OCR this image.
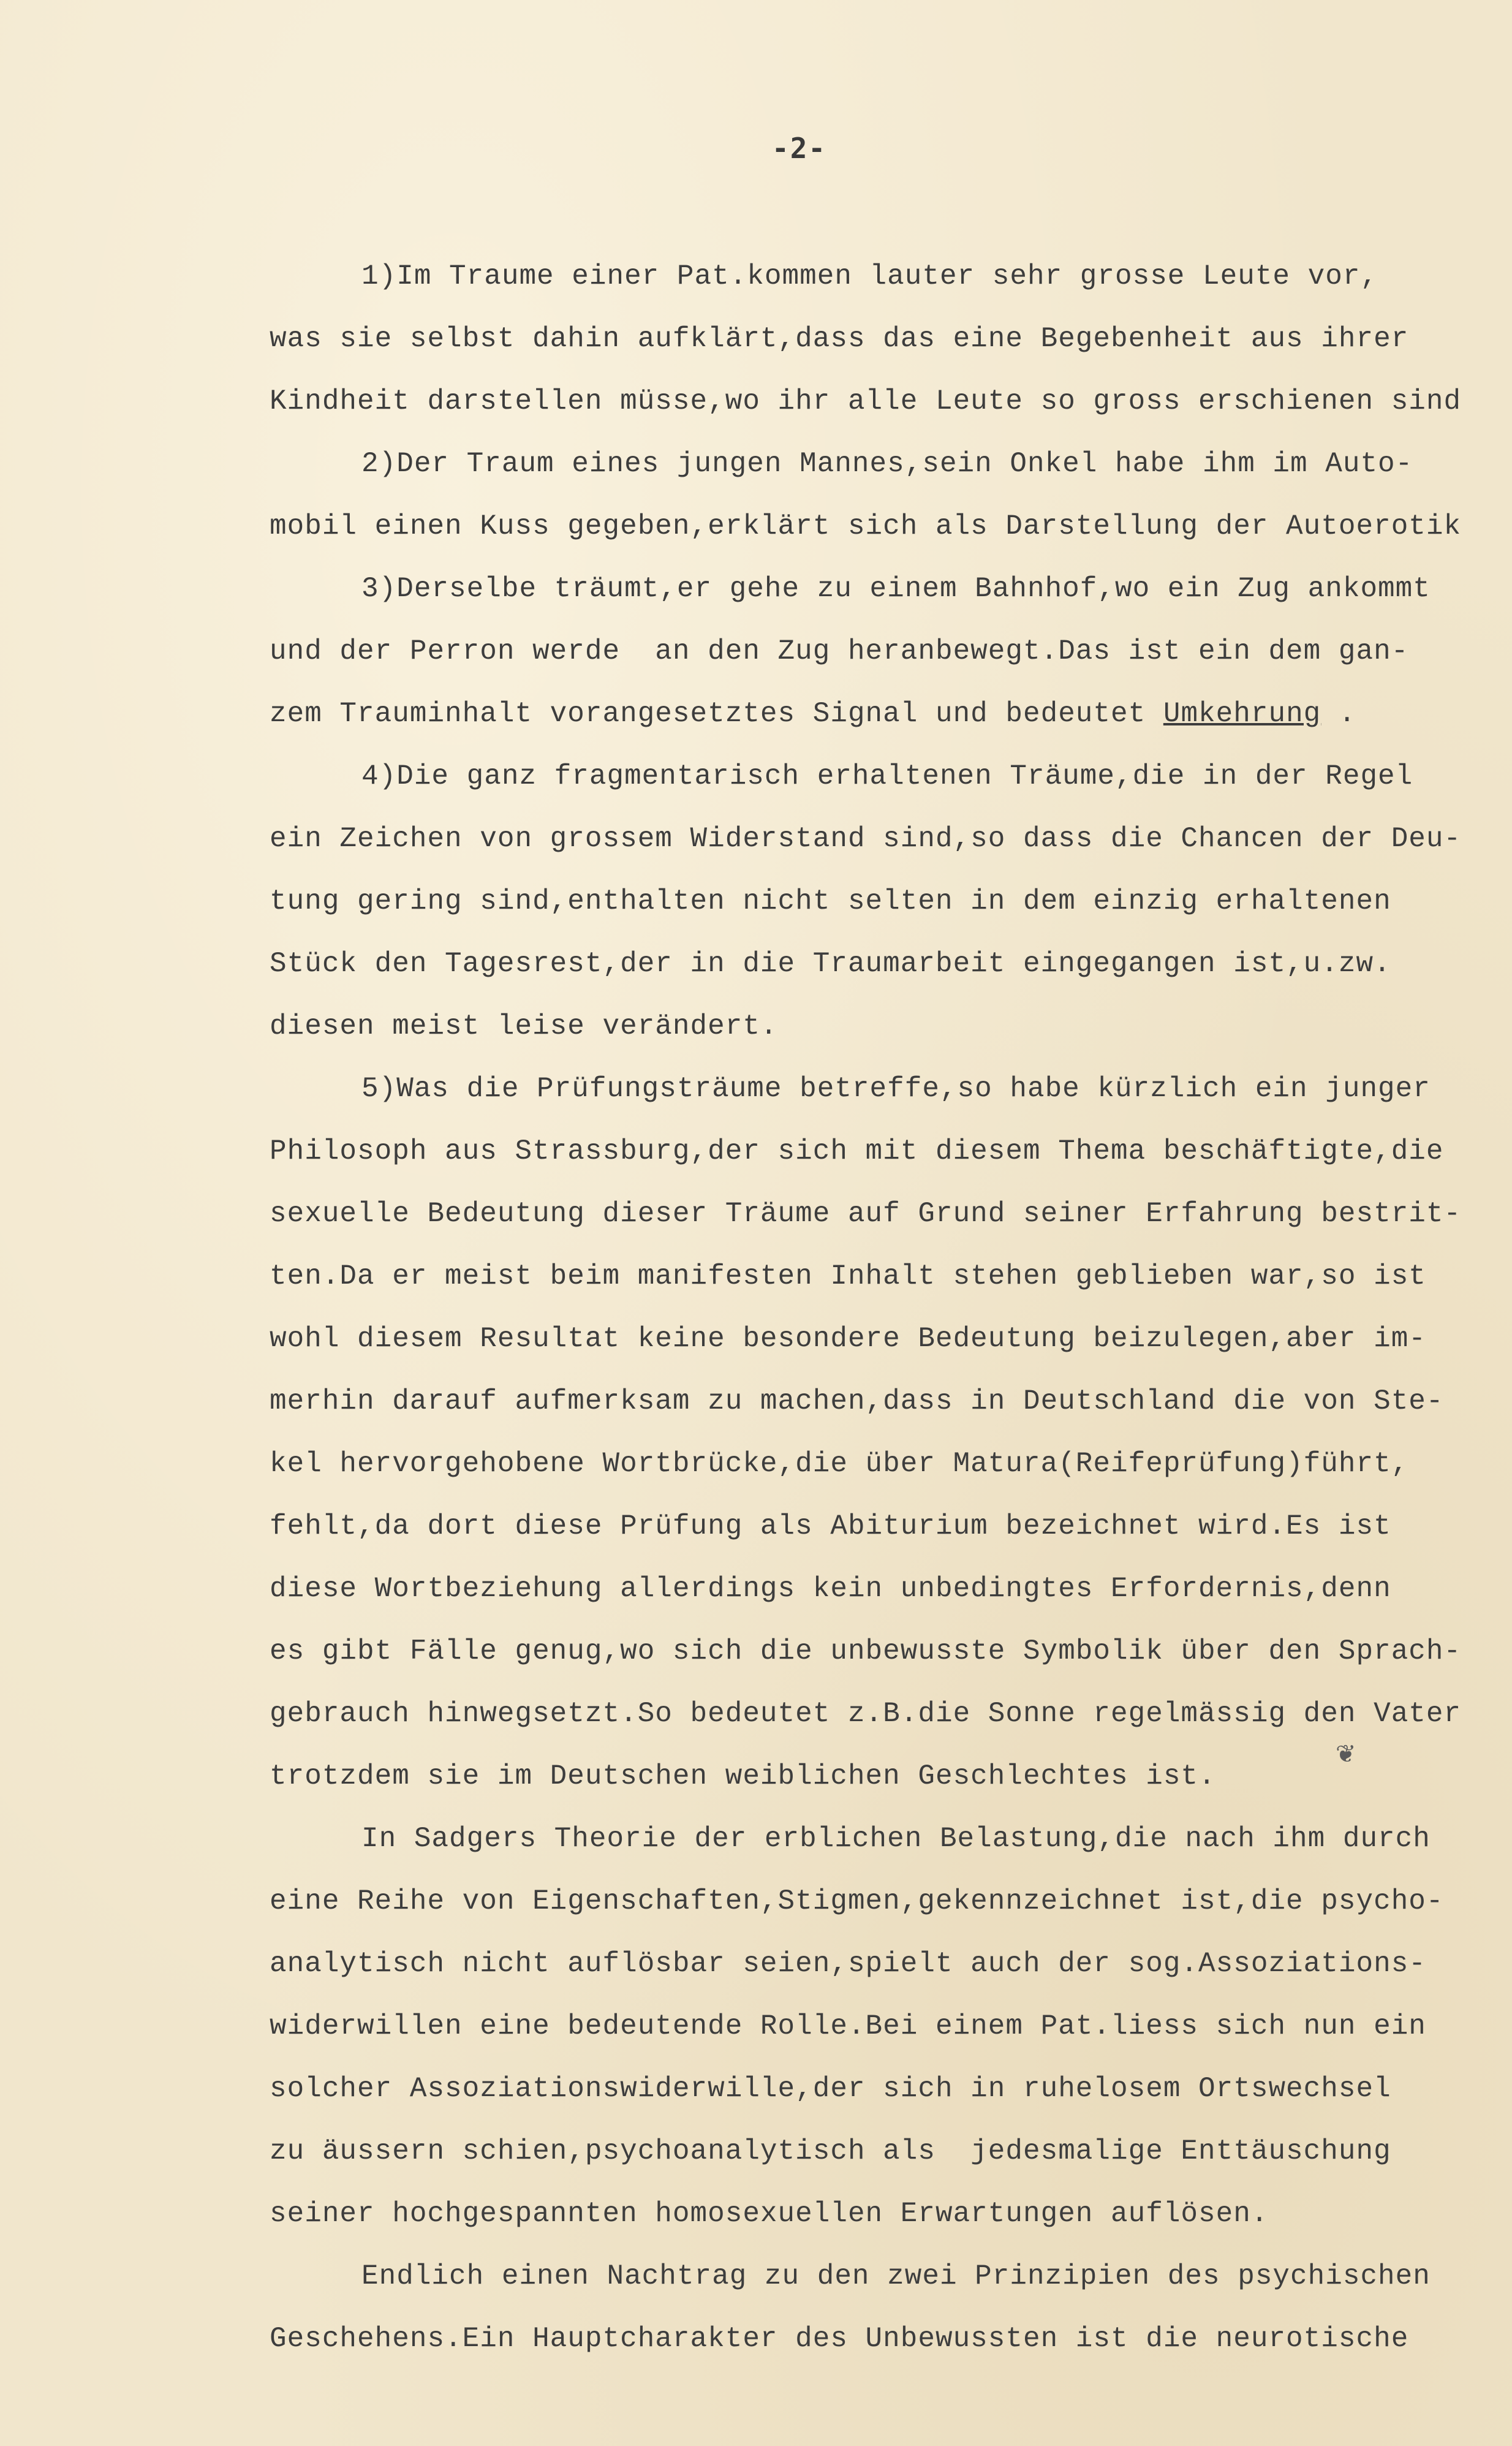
-2-
1)Im Traume einer Pat.kommen lauter sehr grosse Leute vor,
was sie selbst dahin aufklärt,dass das eine Begebenheit aus ihrer
Kindheit darstellen müsse,wo ihr alle Leute so gross erschienen sind
2)Der Traum eines jungen Mannes,sein Onkel habe ihm im Auto-
mobil einen Kuss gegeben,erklärt sich als Darstellung der Autoerotik
3)Derselbe träumt,er gehe zu einem Bahnhof,wo ein Zug ankommt
und der Perron werde  an den Zug heranbewegt.Das ist ein dem gan-
zem Trauminhalt vorangesetztes Signal und bedeutet Umkehrung .
4)Die ganz fragmentarisch erhaltenen Träume,die in der Regel
ein Zeichen von grossem Widerstand sind,so dass die Chancen der Deu-
tung gering sind,enthalten nicht selten in dem einzig erhaltenen
Stück den Tagesrest,der in die Traumarbeit eingegangen ist,u.zw.
diesen meist leise verändert.
5)Was die Prüfungsträume betreffe,so habe kürzlich ein junger
Philosoph aus Strassburg,der sich mit diesem Thema beschäftigte,die
sexuelle Bedeutung dieser Träume auf Grund seiner Erfahrung bestrit-
ten.Da er meist beim manifesten Inhalt stehen geblieben war,so ist
wohl diesem Resultat keine besondere Bedeutung beizulegen,aber im-
merhin darauf aufmerksam zu machen,dass in Deutschland die von Ste-
kel hervorgehobene Wortbrücke,die über Matura(Reifeprüfung)führt,
fehlt,da dort diese Prüfung als Abiturium bezeichnet wird.Es ist
diese Wortbeziehung allerdings kein unbedingtes Erfordernis,denn
es gibt Fälle genug,wo sich die unbewusste Symbolik über den Sprach-
gebrauch hinwegsetzt.So bedeutet z.B.die Sonne regelmässig den Vater
trotzdem sie im Deutschen weiblichen Geschlechtes ist.
In Sadgers Theorie der erblichen Belastung,die nach ihm durch
eine Reihe von Eigenschaften,Stigmen,gekennzeichnet ist,die psycho-
analytisch nicht auflösbar seien,spielt auch der sog.Assoziations-
widerwillen eine bedeutende Rolle.Bei einem Pat.liess sich nun ein
solcher Assoziationswiderwille,der sich in ruhelosem Ortswechsel
zu äussern schien,psychoanalytisch als  jedesmalige Enttäuschung
seiner hochgespannten homosexuellen Erwartungen auflösen.
Endlich einen Nachtrag zu den zwei Prinzipien des psychischen
Geschehens.Ein Hauptcharakter des Unbewussten ist die neurotische
❦
